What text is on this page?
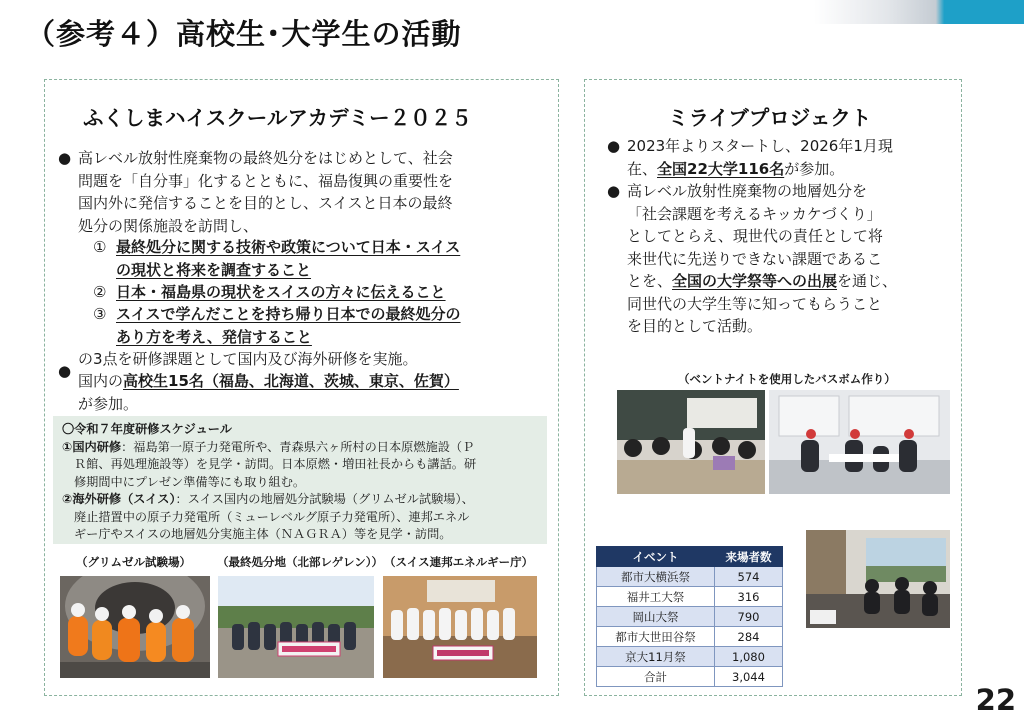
（参考４）高校生･大学生の活動
ふくしまハイスクールアカデミー２０２５
● 高レベル放射性廃棄物の最終処分をはじめとして、社会
問題を「自分事」化するとともに、福島復興の重要性を
国内外に発信することを目的とし、スイスと日本の最終
処分の関係施設を訪問し、
① 最終処分に関する技術や政策について日本・スイス
の現状と将来を調査すること
② 日本・福島県の現状をスイスの方々に伝えること
③ スイスで学んだことを持ち帰り日本での最終処分の
あり方を考え、発信すること
の3点を研修課題として国内及び海外研修を実施。
●
国内の高校生15名（福島、北海道、茨城、東京、佐賀）
が参加。
〇令和７年度研修スケジュール
①国内研修：福島第一原子力発電所や、青森県六ヶ所村の日本原燃施設（Ｐ
Ｒ館、再処理施設等）を見学・訪問。日本原燃・増田社長からも講話。研
修期間中にプレゼン準備等にも取り組む。
②海外研修（スイス）：スイス国内の地層処分試験場（グリムゼル試験場）、
廃止措置中の原子力発電所（ミューレベルグ原子力発電所）、連邦エネル
ギー庁やスイスの地層処分実施主体（ＮＡＧＲＡ）等を見学・訪問。
（グリムゼル試験場） （最終処分地（北部レゲレン）） （スイス連邦エネルギー庁）
ミライブプロジェクト
● 2023年よりスタートし、2026年1月現
在、全国22大学116名が参加。
● 高レベル放射性廃棄物の地層処分を
「社会課題を考えるキッカケづくり」
としてとらえ、現世代の責任として将
来世代に先送りできない課題であるこ
とを、全国の大学祭等への出展を通じ、
同世代の大学生等に知ってもらうこと
を目的として活動。
（ベントナイトを使用したバスボム作り）
イベント	来場者数
都市大横浜祭	574
福井工大祭	316
岡山大祭	790
都市大世田谷祭	284
京大11月祭	1,080
合計	3,044
22
